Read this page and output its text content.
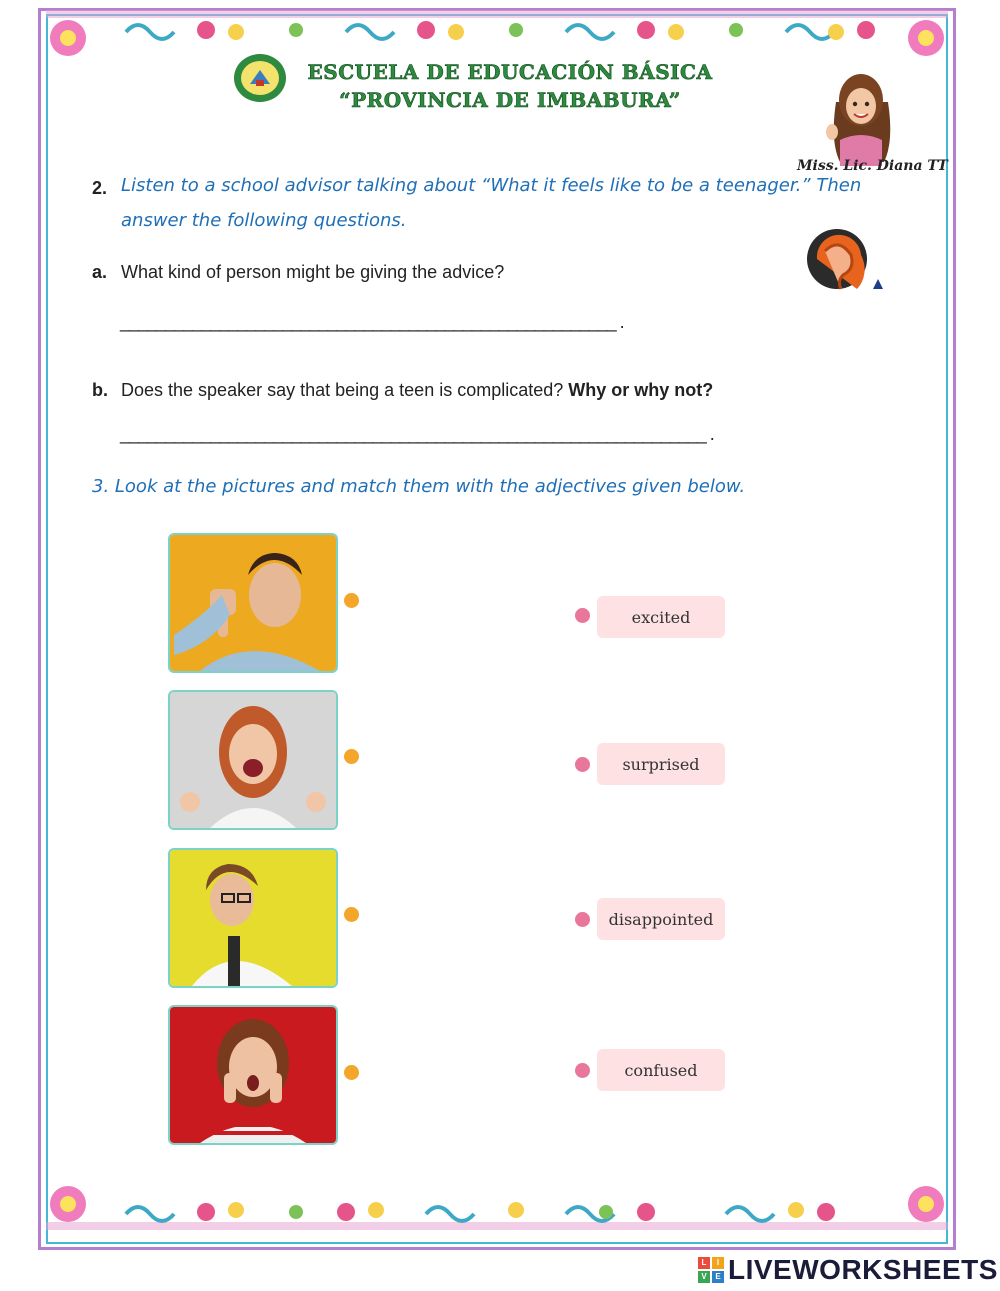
ESCUELA DE EDUCACIÓN BÁSICA
“PROVINCIA DE IMBABURA”
Miss. Lic. Diana TT
2. Listen to a school advisor talking about “What it feels like to be a teenager.” Then
answer the following questions.
a. What kind of person might be giving the advice?
_______________________________________________________ .
b. Does the speaker say that being a teen is complicated? Why or why not?
_________________________________________________________________ .
3. Look at the pictures and match them with the adjectives given below.
excited
surprised
disappointed
confused
L	I
V	E LIVEWORKSHEETS
